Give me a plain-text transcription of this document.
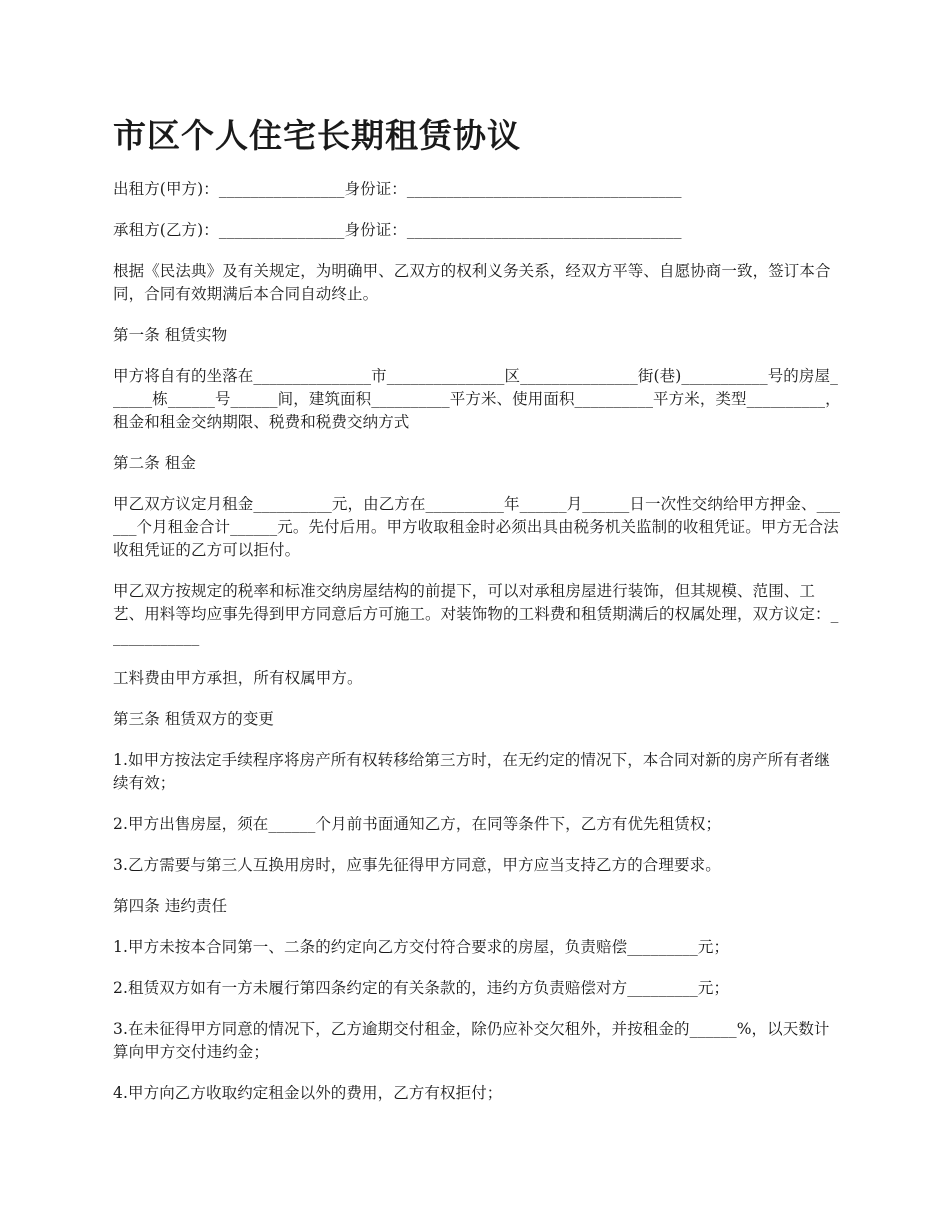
市区个人住宅长期租赁协议

出租方(甲方)：________________身份证：___________________________________

承租方(乙方)：________________身份证：___________________________________

根据《民法典》及有关规定，为明确甲、乙双方的权利义务关系，经双方平等、自愿协商一致，签订本合同，合同有效期满后本合同自动终止。

第一条 租赁实物

甲方将自有的坐落在_______________市_______________区_______________街(巷)___________号的房屋______栋______号______间，建筑面积__________平方米、使用面积__________平方米，类型__________，租金和租金交纳期限、税费和税费交纳方式

第二条 租金

甲乙双方议定月租金__________元，由乙方在__________年______月______日一次性交纳给甲方押金、______个月租金合计______元。先付后用。甲方收取租金时必须出具由税务机关监制的收租凭证。甲方无合法收租凭证的乙方可以拒付。

甲乙双方按规定的税率和标准交纳房屋结构的前提下，可以对承租房屋进行装饰，但其规模、范围、工艺、用料等均应事先得到甲方同意后方可施工。对装饰物的工料费和租赁期满后的权属处理，双方议定：____________

工料费由甲方承担，所有权属甲方。

第三条 租赁双方的变更

1.如甲方按法定手续程序将房产所有权转移给第三方时，在无约定的情况下，本合同对新的房产所有者继续有效；

2.甲方出售房屋，须在______个月前书面通知乙方，在同等条件下，乙方有优先租赁权；

3.乙方需要与第三人互换用房时，应事先征得甲方同意，甲方应当支持乙方的合理要求。

第四条 违约责任

1.甲方未按本合同第一、二条的约定向乙方交付符合要求的房屋，负责赔偿_________元；

2.租赁双方如有一方未履行第四条约定的有关条款的，违约方负责赔偿对方_________元；

3.在未征得甲方同意的情况下，乙方逾期交付租金，除仍应补交欠租外，并按租金的______%，以天数计算向甲方交付违约金；

4.甲方向乙方收取约定租金以外的费用，乙方有权拒付；
